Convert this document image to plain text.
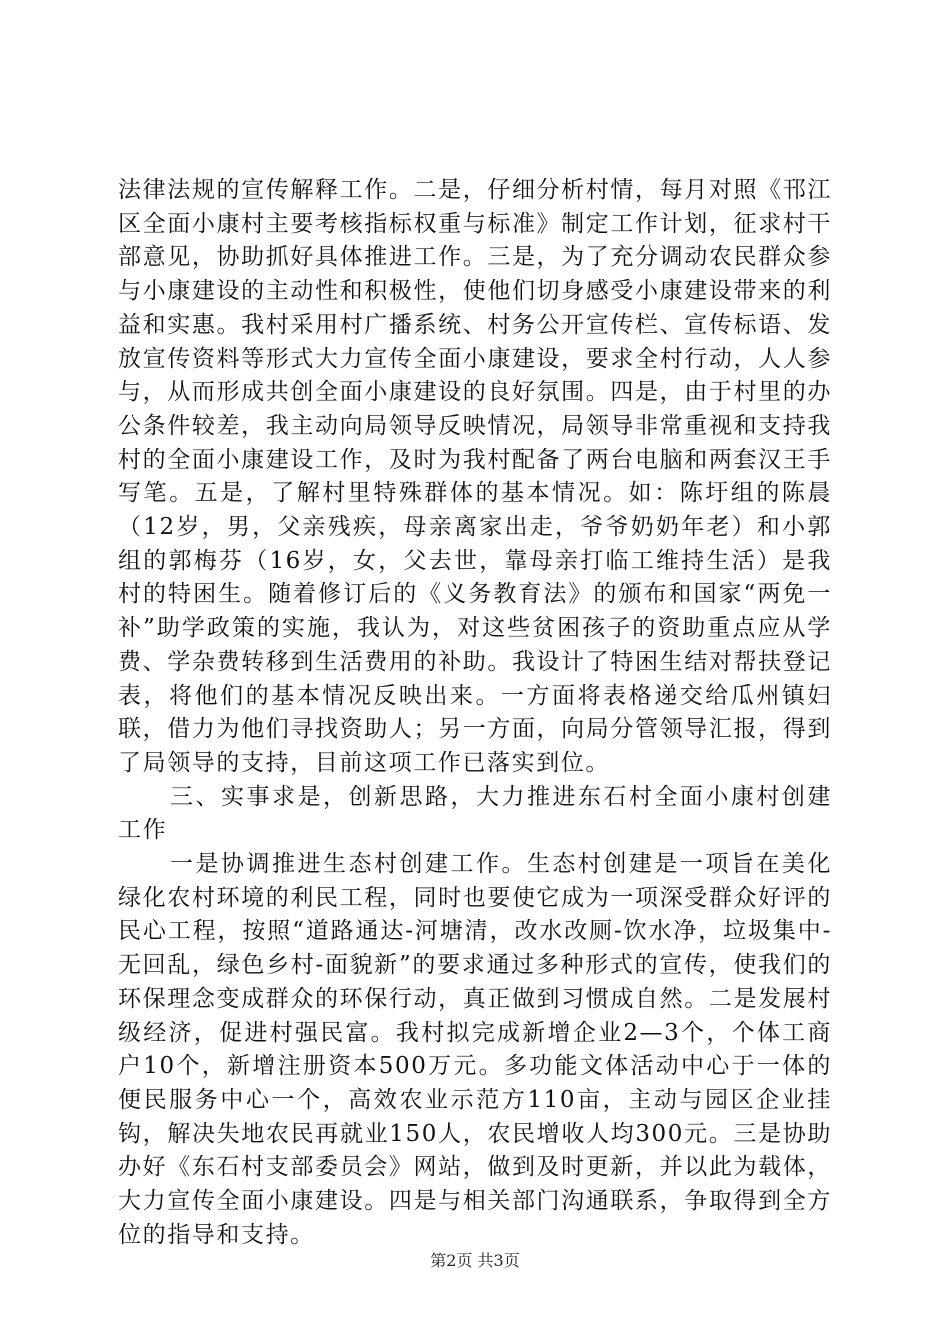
法律法规的宣传解释工作。二是，仔细分析村情，每月对照《邗江区全面小康村主要考核指标权重与标准》制定工作计划，征求村干部意见，协助抓好具体推进工作。三是，为了充分调动农民群众参与小康建设的主动性和积极性，使他们切身感受小康建设带来的利益和实惠。我村采用村广播系统、村务公开宣传栏、宣传标语、发放宣传资料等形式大力宣传全面小康建设，要求全村行动，人人参与，从而形成共创全面小康建设的良好氛围。四是，由于村里的办公条件较差，我主动向局领导反映情况，局领导非常重视和支持我村的全面小康建设工作，及时为我村配备了两台电脑和两套汉王手写笔。五是，了解村里特殊群体的基本情况。如：陈圩组的陈晨（12岁，男，父亲残疾，母亲离家出走，爷爷奶奶年老）和小郭组的郭梅芬（16岁，女，父去世，靠母亲打临工维持生活）是我村的特困生。随着修订后的《义务教育法》的颁布和国家“两免一补”助学政策的实施，我认为，对这些贫困孩子的资助重点应从学费、学杂费转移到生活费用的补助。我设计了特困生结对帮扶登记表，将他们的基本情况反映出来。一方面将表格递交给瓜州镇妇联，借力为他们寻找资助人；另一方面，向局分管领导汇报，得到了局领导的支持，目前这项工作已落实到位。

三、实事求是，创新思路，大力推进东石村全面小康村创建工作

一是协调推进生态村创建工作。生态村创建是一项旨在美化绿化农村环境的利民工程，同时也要使它成为一项深受群众好评的民心工程，按照“道路通达-河塘清，改水改厕-饮水净，垃圾集中-无回乱，绿色乡村-面貌新”的要求通过多种形式的宣传，使我们的环保理念变成群众的环保行动，真正做到习惯成自然。二是发展村级经济，促进村强民富。我村拟完成新增企业2—3个，个体工商户10个，新增注册资本500万元。多功能文体活动中心于一体的便民服务中心一个，高效农业示范方110亩，主动与园区企业挂钩，解决失地农民再就业150人，农民增收人均300元。三是协助办好《东石村支部委员会》网站，做到及时更新，并以此为载体，大力宣传全面小康建设。四是与相关部门沟通联系，争取得到全方位的指导和支持。

第2页 共3页
